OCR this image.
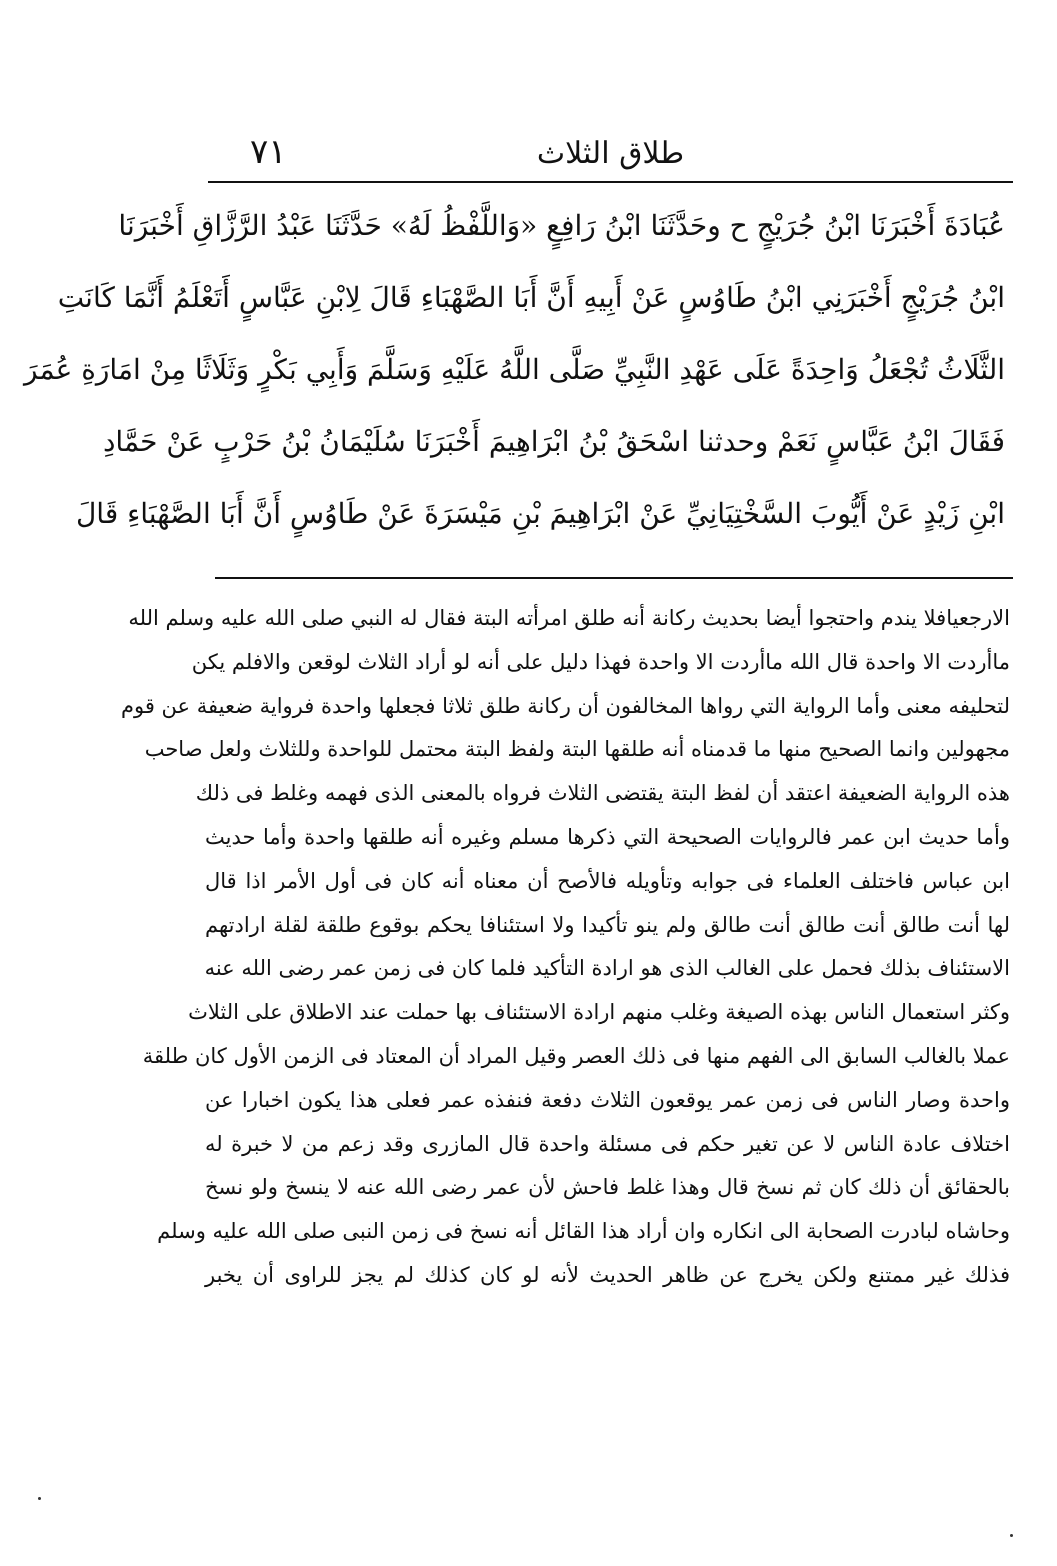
٧١	طلاق الثلاث
عُبَادَةَ أَخْبَرَنَا ابْنُ جُرَيْجٍ ح وحَدَّثَنَا ابْنُ رَافِعٍ «وَاللَّفْظُ لَهُ» حَدَّثَنَا عَبْدُ الرَّزَّاقِ أَخْبَرَنَا
ابْنُ جُرَيْجٍ أَخْبَرَنِي ابْنُ طَاوُسٍ عَنْ أَبِيهِ أَنَّ أَبَا الصَّهْبَاءِ قَالَ لِابْنِ عَبَّاسٍ أَتَعْلَمُ أَنَّمَا كَانَتِ
الثَّلَاثُ تُجْعَلُ وَاحِدَةً عَلَى عَهْدِ النَّبِيِّ صَلَّى اللَّهُ عَلَيْهِ وَسَلَّمَ وَأَبِي بَكْرٍ وَثَلَاثًا مِنْ امَارَةِ عُمَرَ
فَقَالَ ابْنُ عَبَّاسٍ نَعَمْ وحدثنا اسْحَقُ بْنُ ابْرَاهِيمَ أَخْبَرَنَا سُلَيْمَانُ بْنُ حَرْبٍ عَنْ حَمَّادِ
ابْنِ زَيْدٍ عَنْ أَيُّوبَ السَّخْتِيَانِيِّ عَنْ ابْرَاهِيمَ بْنِ مَيْسَرَةَ عَنْ طَاوُسٍ أَنَّ أَبَا الصَّهْبَاءِ قَالَ
الارجعيافلا يندم واحتجوا أيضا بحديث ركانة أنه طلق امرأته البتة فقال له النبي صلى الله عليه وسلم الله
ماأردت الا واحدة قال الله ماأردت الا واحدة فهذا دليل على أنه لو أراد الثلاث لوقعن والافلم يكن
لتحليفه معنى وأما الرواية التي رواها المخالفون أن ركانة طلق ثلاثا فجعلها واحدة فرواية ضعيفة عن قوم
مجهولين وانما الصحيح منها ما قدمناه أنه طلقها البتة ولفظ البتة محتمل للواحدة وللثلاث ولعل صاحب
هذه الرواية الضعيفة اعتقد أن لفظ البتة يقتضى الثلاث فرواه بالمعنى الذى فهمه وغلط فى ذلك
وأما حديث ابن عمر فالروايات الصحيحة التي ذكرها مسلم وغيره أنه طلقها واحدة وأما حديث
ابن عباس فاختلف العلماء فى جوابه وتأويله فالأصح أن معناه أنه كان فى أول الأمر اذا قال
لها أنت طالق أنت طالق أنت طالق ولم ينو تأكيدا ولا استئنافا يحكم بوقوع طلقة لقلة ارادتهم
الاستئناف بذلك فحمل على الغالب الذى هو ارادة التأكيد فلما كان فى زمن عمر رضى الله عنه
وكثر استعمال الناس بهذه الصيغة وغلب منهم ارادة الاستئناف بها حملت عند الاطلاق على الثلاث
عملا بالغالب السابق الى الفهم منها فى ذلك العصر وقيل المراد أن المعتاد فى الزمن الأول كان طلقة
واحدة وصار الناس فى زمن عمر يوقعون الثلاث دفعة فنفذه عمر فعلى هذا يكون اخبارا عن
اختلاف عادة الناس لا عن تغير حكم فى مسئلة واحدة قال المازرى وقد زعم من لا خبرة له
بالحقائق أن ذلك كان ثم نسخ قال وهذا غلط فاحش لأن عمر رضى الله عنه لا ينسخ ولو نسخ
وحاشاه لبادرت الصحابة الى انكاره وان أراد هذا القائل أنه نسخ فى زمن النبى صلى الله عليه وسلم
فذلك غير ممتنع ولكن يخرج عن ظاهر الحديث لأنه لو كان كذلك لم يجز للراوى أن يخبر
